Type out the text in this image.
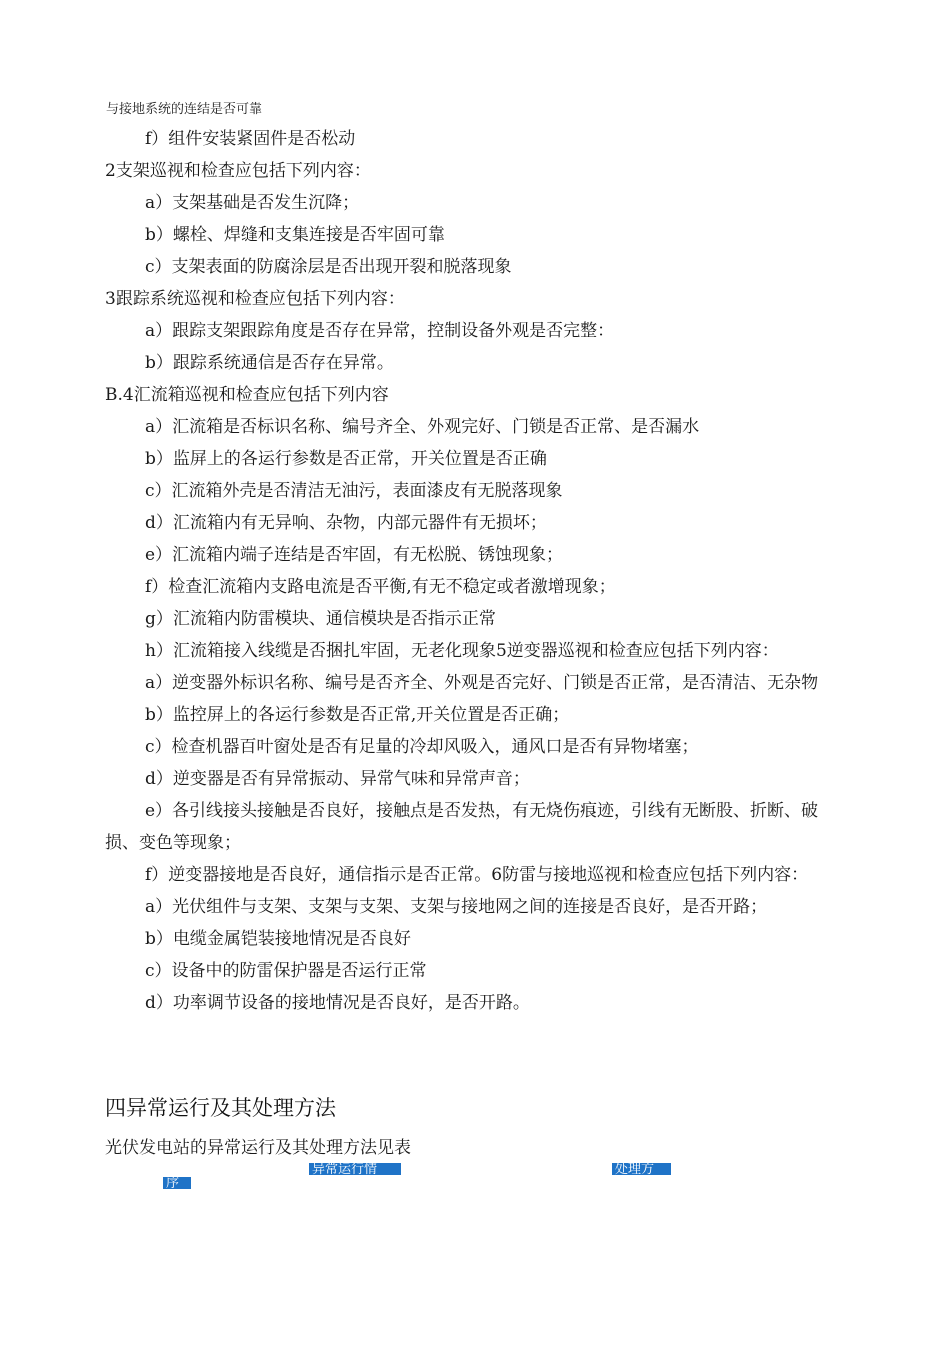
与接地系统的连结是否可靠

f）组件安装紧固件是否松动

2支架巡视和检查应包括下列内容：

a）支架基础是否发生沉降；

b）螺栓、焊缝和支集连接是否牢固可靠

c）支架表面的防腐涂层是否出现开裂和脱落现象

3跟踪系统巡视和检查应包括下列内容：

a）跟踪支架跟踪角度是否存在异常，控制设备外观是否完整：

b）跟踪系统通信是否存在异常。

B.4汇流箱巡视和检查应包括下列内容

a）汇流箱是否标识名称、编号齐全、外观完好、门锁是否正常、是否漏水

b）监屏上的各运行参数是否正常，开关位置是否正确

c）汇流箱外壳是否清洁无油污，表面漆皮有无脱落现象

d）汇流箱内有无异响、杂物，内部元器件有无损坏；

e）汇流箱内端子连结是否牢固，有无松脱、锈蚀现象；

f）检查汇流箱内支路电流是否平衡,有无不稳定或者激增现象；

g）汇流箱内防雷模块、通信模块是否指示正常

h）汇流箱接入线缆是否捆扎牢固，无老化现象5逆变器巡视和检查应包括下列内容：

a）逆变器外标识名称、编号是否齐全、外观是否完好、门锁是否正常，是否清洁、无杂物

b）监控屏上的各运行参数是否正常,开关位置是否正确；

c）检查机器百叶窗处是否有足量的冷却风吸入，通风口是否有异物堵塞；

d）逆变器是否有异常振动、异常气味和异常声音；

e）各引线接头接触是否良好，接触点是否发热，有无烧伤痕迹，引线有无断股、折断、破损、变色等现象；

f）逆变器接地是否良好，通信指示是否正常。6防雷与接地巡视和检查应包括下列内容：

a）光伏组件与支架、支架与支架、支架与接地网之间的连接是否良好，是否开路；

b）电缆金属铠装接地情况是否良好

c）设备中的防雷保护器是否运行正常

d）功率调节设备的接地情况是否良好，是否开路。

四异常运行及其处理方法
光伏发电站的异常运行及其处理方法见表
序
异常运行情	处理方
